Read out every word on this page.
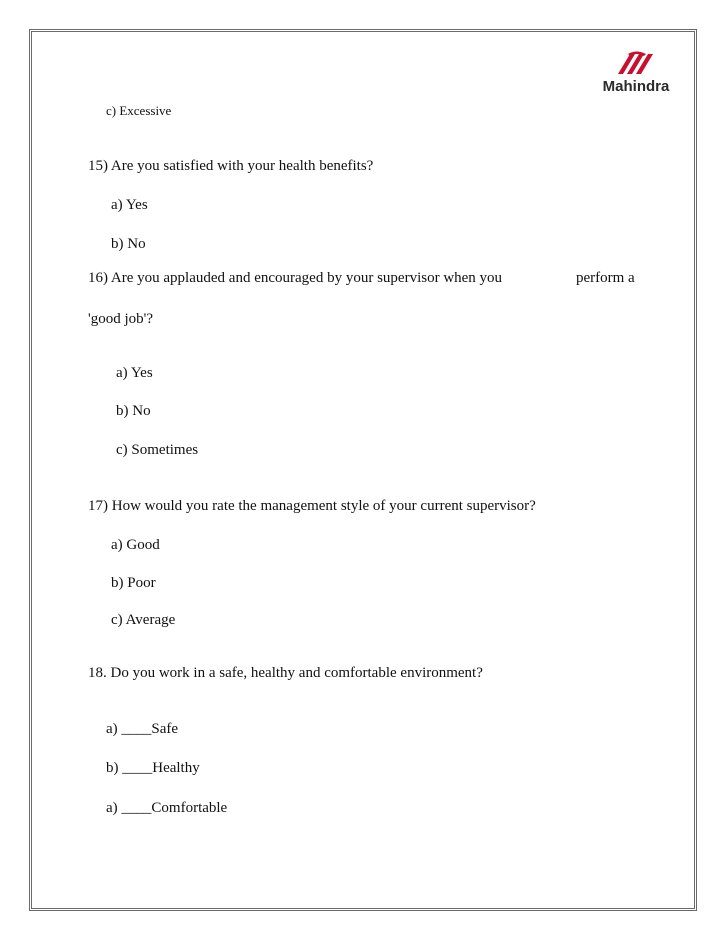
Mahindra
c) Excessive
15) Are you satisfied with your health benefits?
a) Yes
b) No
16) Are you applauded and encouraged by your supervisor when you	perform a
'good job'?
a) Yes
b) No
c) Sometimes
17) How would you rate the management style of your current supervisor?
a) Good
b) Poor
c) Average
18. Do you work in a safe, healthy and comfortable environment?
a) ____Safe
b) ____Healthy
a) ____Comfortable
